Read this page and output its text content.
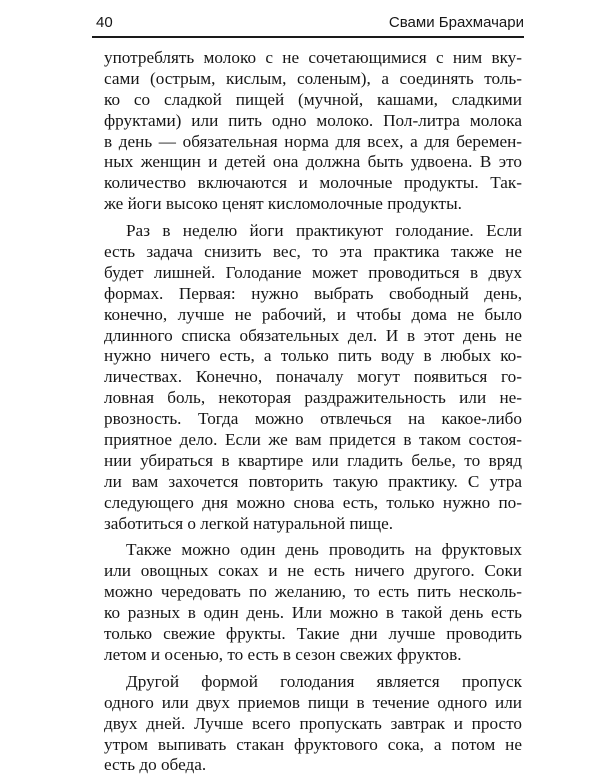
40	Свами Брахмачари
употреблять молоко с не сочетающимися с ним вку-
сами (острым, кислым, соленым), а соединять толь-
ко со сладкой пищей (мучной, кашами, сладкими
фруктами) или пить одно молоко. Пол-литра молока
в день — обязательная норма для всех, а для беремен-
ных женщин и детей она должна быть удвоена. В это
количество включаются и молочные продукты. Так-
же йоги высоко ценят кисломолочные продукты.
Раз в неделю йоги практикуют голодание. Если
есть задача снизить вес, то эта практика также не
будет лишней. Голодание может проводиться в двух
формах. Первая: нужно выбрать свободный день,
конечно, лучше не рабочий, и чтобы дома не было
длинного списка обязательных дел. И в этот день не
нужно ничего есть, а только пить воду в любых ко-
личествах. Конечно, поначалу могут появиться го-
ловная боль, некоторая раздражительность или не-
рвозность. Тогда можно отвлечься на какое-либо
приятное дело. Если же вам придется в таком состоя-
нии убираться в квартире или гладить белье, то вряд
ли вам захочется повторить такую практику. С утра
следующего дня можно снова есть, только нужно по-
заботиться о легкой натуральной пище.
Также можно один день проводить на фруктовых
или овощных соках и не есть ничего другого. Соки
можно чередовать по желанию, то есть пить несколь-
ко разных в один день. Или можно в такой день есть
только свежие фрукты. Такие дни лучше проводить
летом и осенью, то есть в сезон свежих фруктов.
Другой формой голодания является пропуск
одного или двух приемов пищи в течение одного или
двух дней. Лучше всего пропускать завтрак и просто
утром выпивать стакан фруктового сока, а потом не
есть до обеда.
